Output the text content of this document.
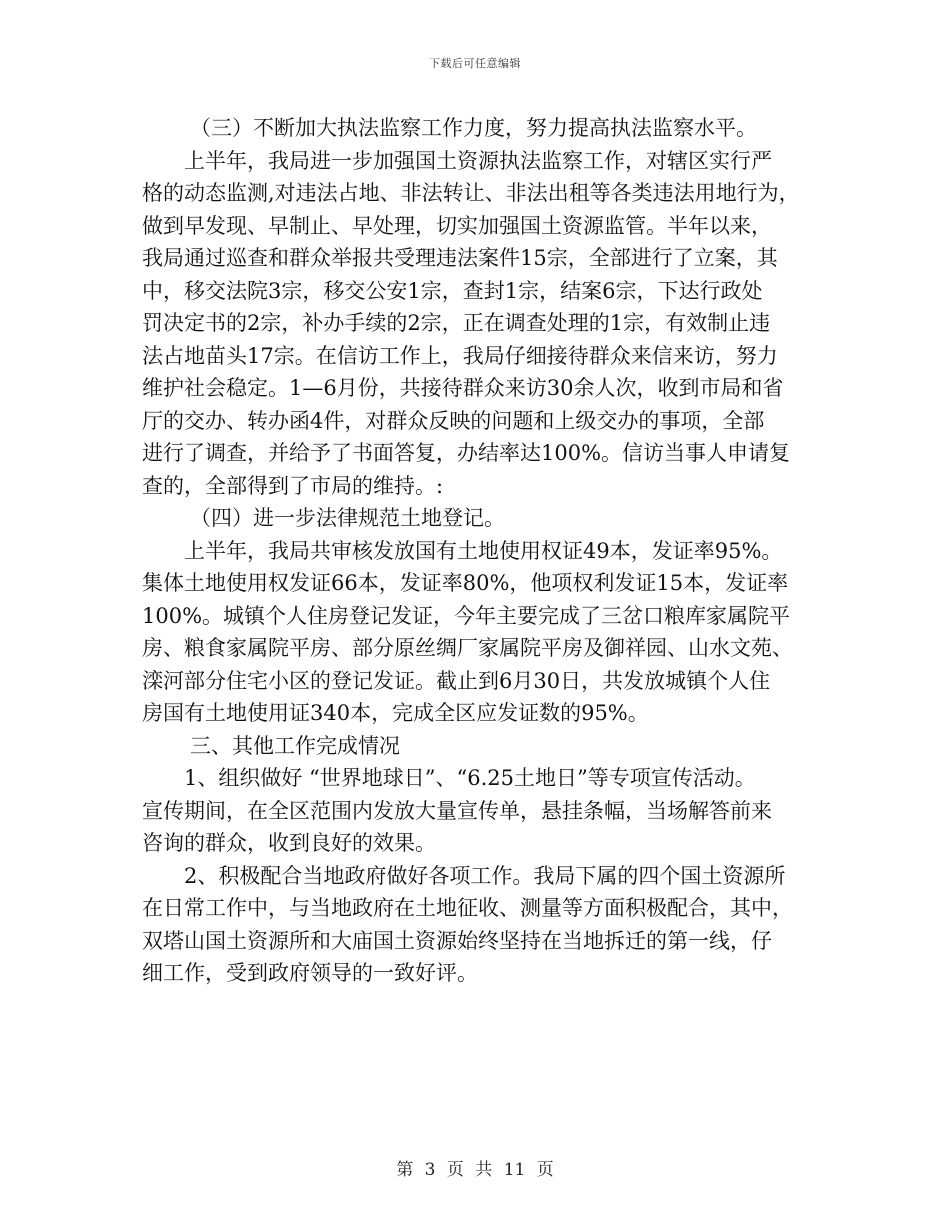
下载后可任意编辑
（三）不断加大执法监察工作力度，努力提高执法监察水平。
上半年，我局进一步加强国土资源执法监察工作，对辖区实行严
格的动态监测,对违法占地、非法转让、非法出租等各类违法用地行为，
做到早发现、早制止、早处理，切实加强国土资源监管。半年以来，
我局通过巡查和群众举报共受理违法案件15宗，全部进行了立案，其
中，移交法院3宗，移交公安1宗，查封1宗，结案6宗，下达行政处
罚决定书的2宗，补办手续的2宗，正在调查处理的1宗，有效制止违
法占地苗头17宗。在信访工作上，我局仔细接待群众来信来访，努力
维护社会稳定。1—6月份，共接待群众来访30余人次，收到市局和省
厅的交办、转办函4件，对群众反映的问题和上级交办的事项，全部
进行了调查，并给予了书面答复，办结率达100%。信访当事人申请复
查的，全部得到了市局的维持。:
（四）进一步法律规范土地登记。
上半年，我局共审核发放国有土地使用权证49本，发证率95%。
集体土地使用权发证66本，发证率80%，他项权利发证15本，发证率
100%。城镇个人住房登记发证，今年主要完成了三岔口粮库家属院平
房、粮食家属院平房、部分原丝绸厂家属院平房及御祥园、山水文苑、
滦河部分住宅小区的登记发证。截止到6月30日，共发放城镇个人住
房国有土地使用证340本，完成全区应发证数的95%。
三、其他工作完成情况
1、组织做好 “世界地球日”、“6.25土地日”等专项宣传活动。
宣传期间，在全区范围内发放大量宣传单，悬挂条幅，当场解答前来
咨询的群众，收到良好的效果。
2、积极配合当地政府做好各项工作。我局下属的四个国土资源所
在日常工作中，与当地政府在土地征收、测量等方面积极配合，其中，
双塔山国土资源所和大庙国土资源始终坚持在当地拆迁的第一线，仔
细工作，受到政府领导的一致好评。
第 3 页 共 11 页
